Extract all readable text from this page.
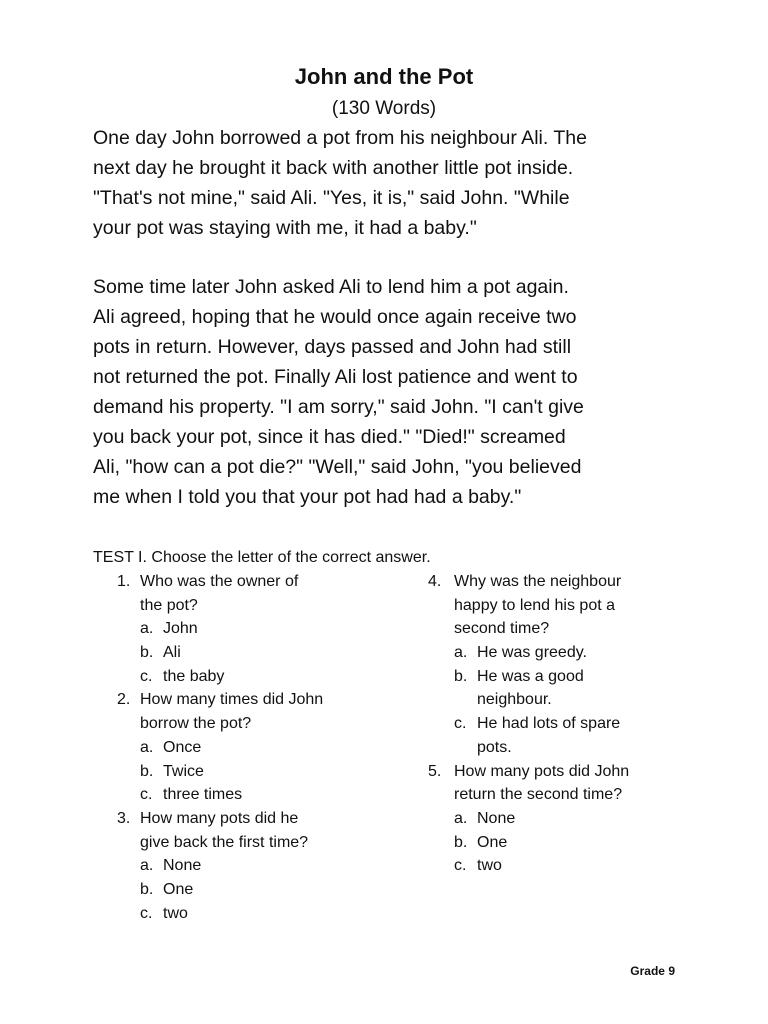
John and the Pot
(130 Words)

One day John borrowed a pot from his neighbour Ali. The

next day he brought it back with another little pot inside.

"That's not mine," said Ali. "Yes, it is," said John. "While

your pot was staying with me, it had a baby."

Some time later John asked Ali to lend him a pot again.

Ali agreed, hoping that he would once again receive two

pots in return. However, days passed and John had still

not returned the pot. Finally Ali lost patience and went to

demand his property. "I am sorry," said John. "I can't give

you back your pot, since it has died." "Died!" screamed

Ali, "how can a pot die?" "Well," said John, "you believed

me when I told you that your pot had had a baby."

TEST I. Choose the letter of the correct answer.
1. Who was the owner of
the pot?
a. John
b. Ali
c. the baby
2. How many times did John
borrow the pot?
a. Once
b. Twice
c. three times
3. How many pots did he
give back the first time?
a. None
b. One
c. two
4. Why was the neighbour
happy to lend his pot a
second time?
a. He was greedy.
b. He was a good
neighbour.
c. He had lots of spare
pots.
5. How many pots did John
return the second time?
a. None
b. One
c. two
Grade 9
